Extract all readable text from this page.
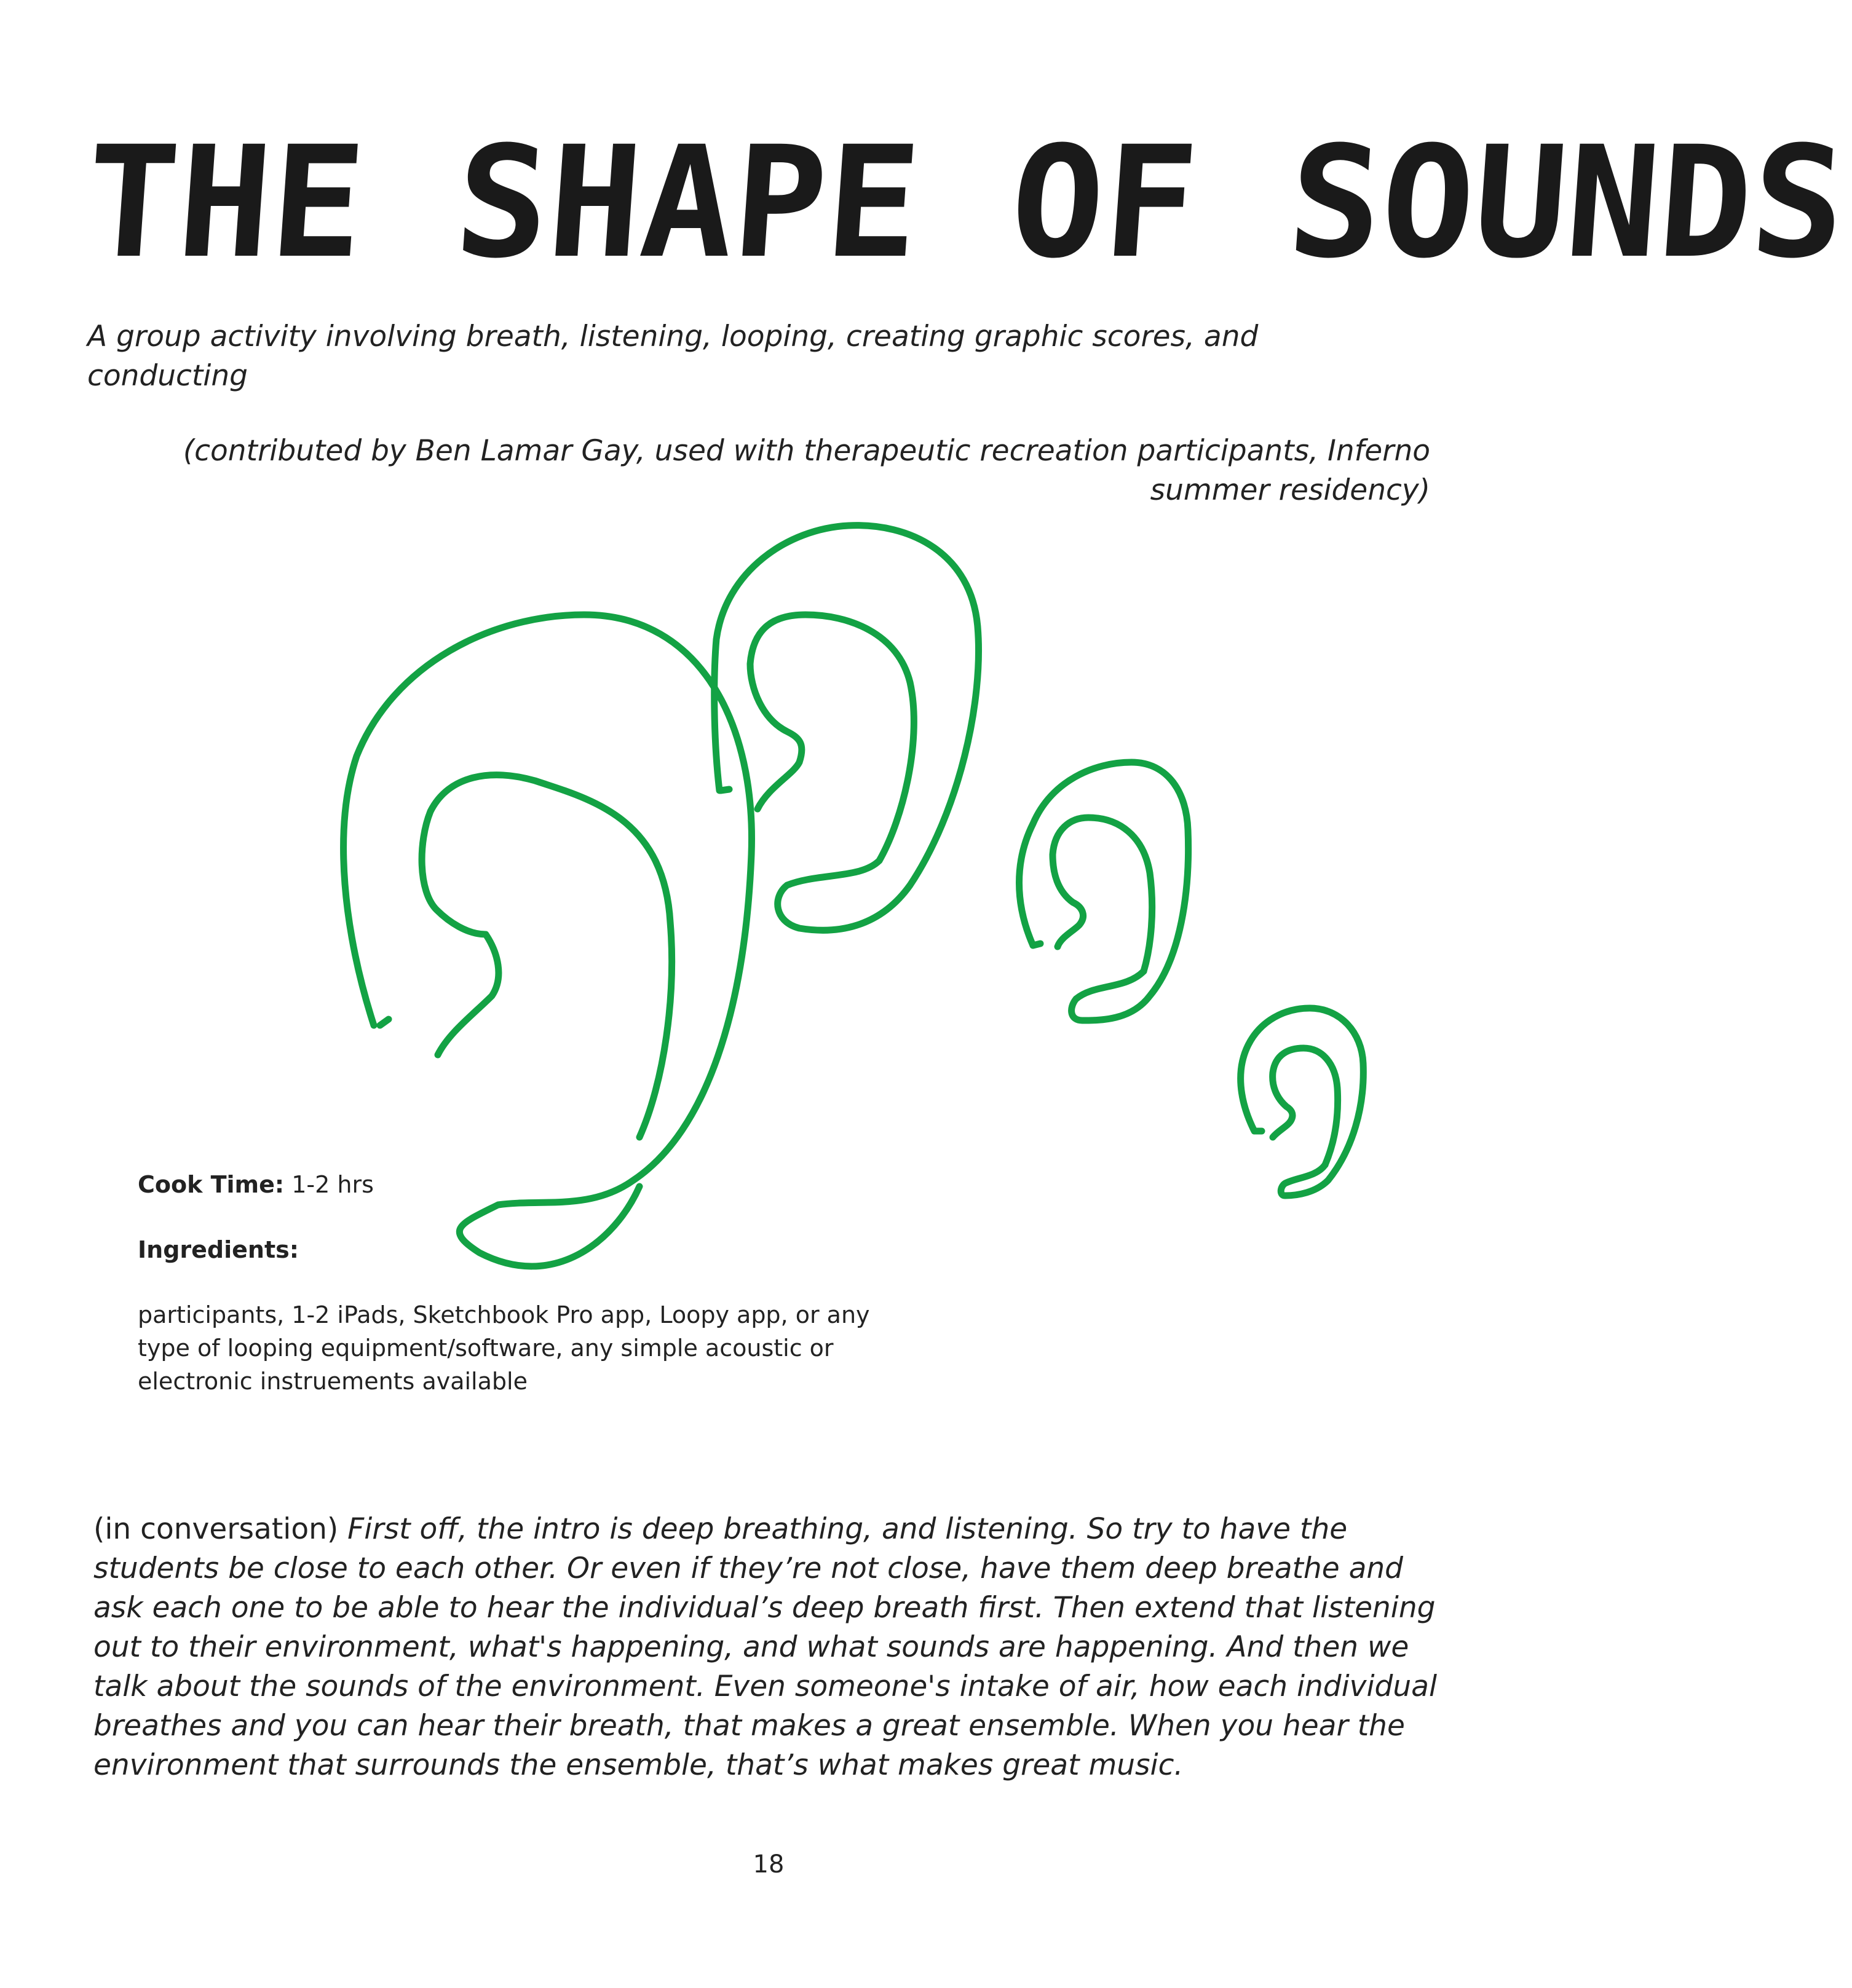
THE SHAPE OF SOUNDS

A group activity involving breath, listening, looping, creating graphic scores, and conducting

(contributed by Ben Lamar Gay, used with therapeutic recreation participants, Inferno summer residency)

Cook Time: 1-2 hrs

Ingredients:

participants, 1-2 iPads, Sketchbook Pro app, Loopy app, or any type of looping equipment/software, any simple acoustic or electronic instruements available

(in conversation) First off, the intro is deep breathing, and listening. So try to have the students be close to each other. Or even if they’re not close, have them deep breathe and ask each one to be able to hear the individual’s deep breath first. Then extend that listening out to their environment, what's happening, and what sounds are happening. And then we talk about the sounds of the environment. Even someone's intake of air, how each individual breathes and you can hear their breath, that makes a great ensemble. When you hear the environment that surrounds the ensemble, that’s what makes great music.

18
